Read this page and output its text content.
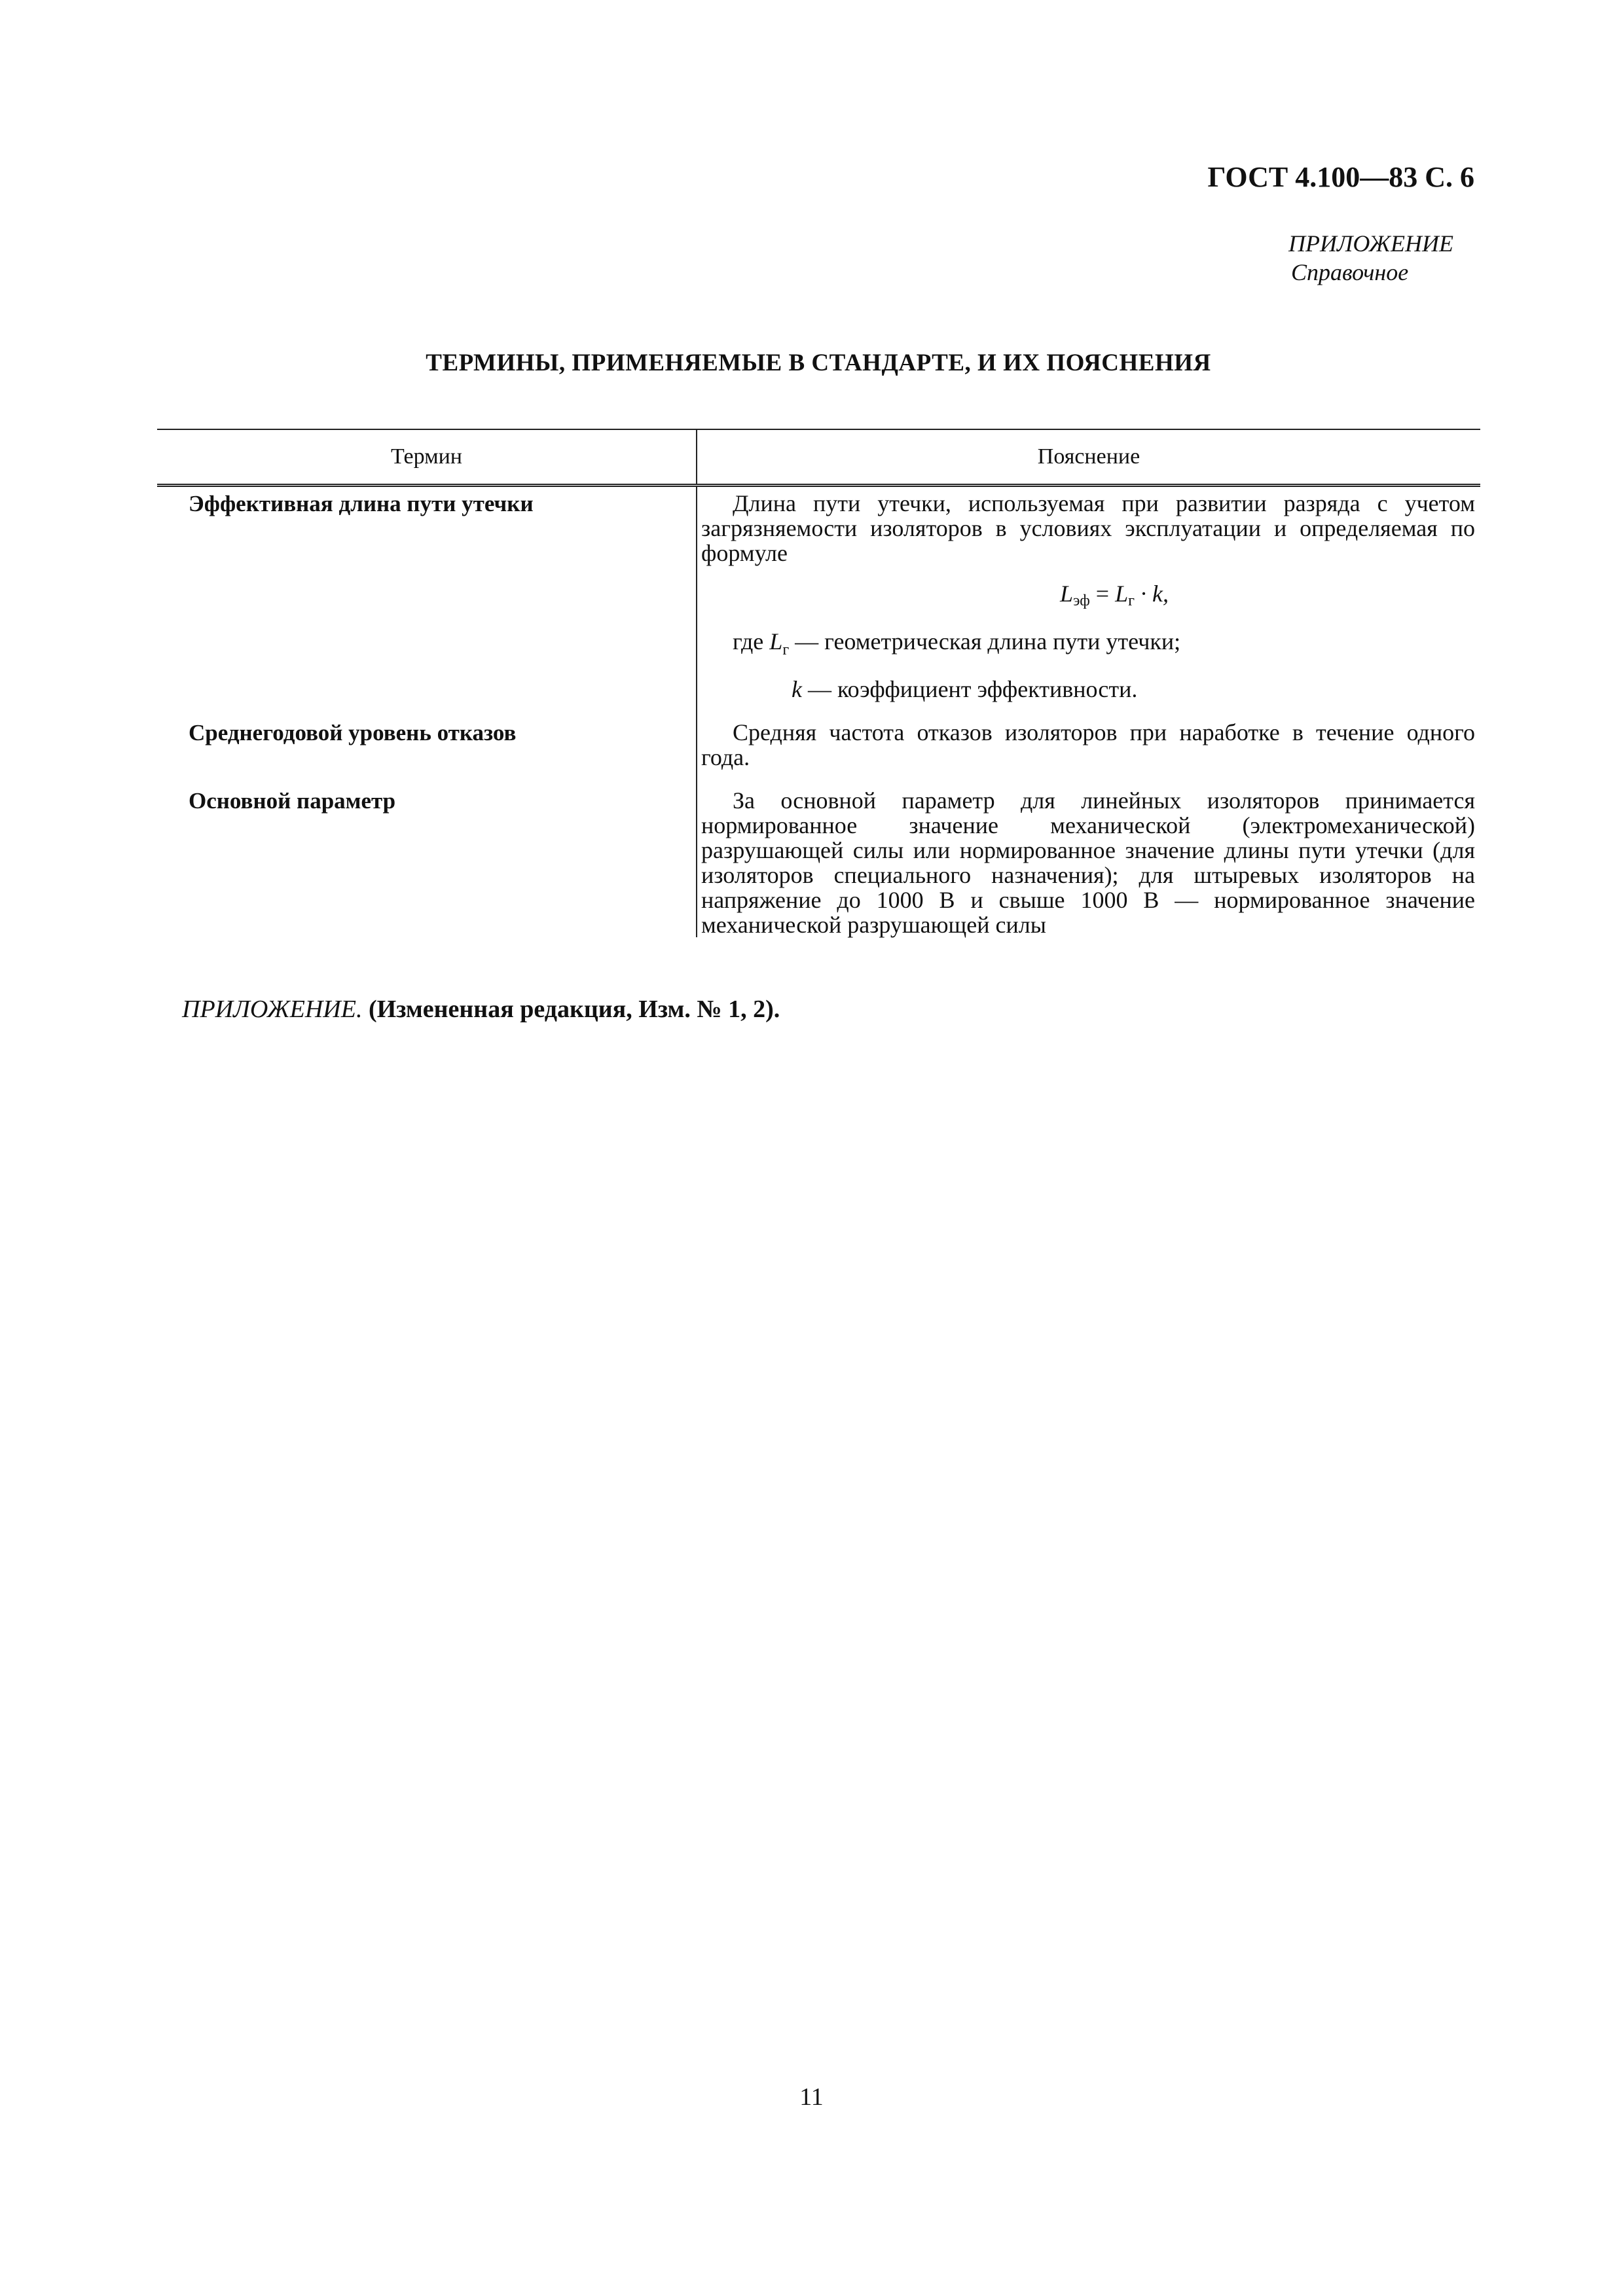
ГОСТ 4.100—83 С. 6
ПРИЛОЖЕНИЕ
Справочное
ТЕРМИНЫ, ПРИМЕНЯЕМЫЕ В СТАНДАРТЕ, И ИХ ПОЯСНЕНИЯ
Термин	Пояснение
Эффективная длина пути утечки	Длина пути утечки, используемая при развитии разряда с учетом загрязняемости изоляторов в условиях эксплуатации и определяемая по формуле

$L_{эф} = L_г \cdot k$,
где $L_г$ — геометрическая длина пути утечки;
k — коэффициент эффективности.

Среднегодовой уровень отказов	Средняя частота отказов изоляторов при наработке в течение одного года.

Основной параметр	За основной параметр для линейных изоляторов принимается нормированное значение механической (электромеханической) разрушающей силы или нормированное значение длины пути утечки (для изоляторов специального назначения); для штыревых изоляторов на напряжение до 1000 В и свыше 1000 В — нормированное значение механической разрушающей силы

ПРИЛОЖЕНИЕ. (Измененная редакция, Изм. № 1, 2).
11
